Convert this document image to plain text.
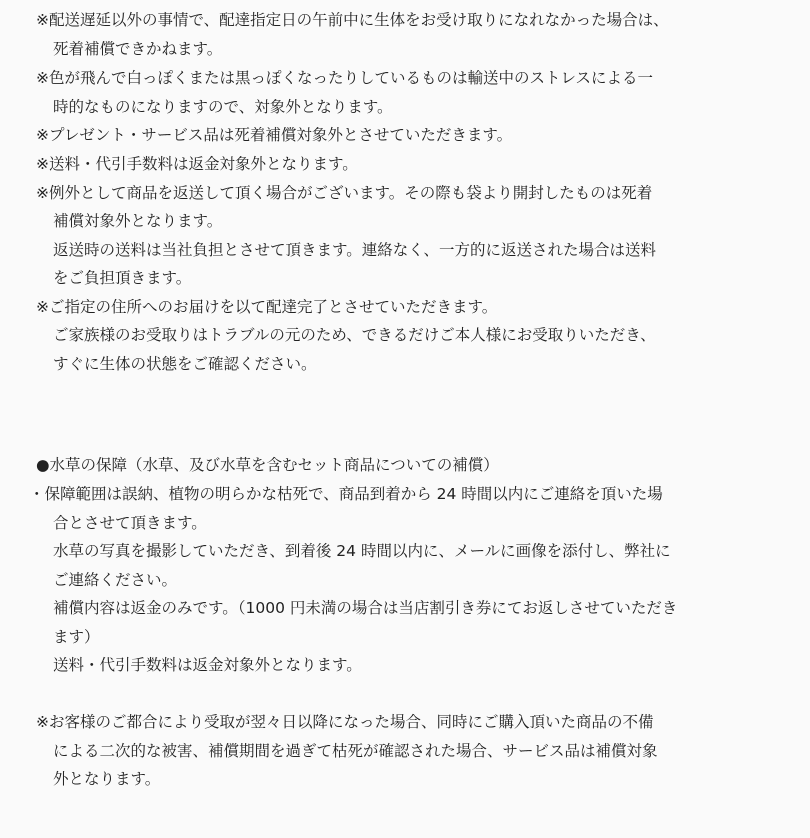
※配送遅延以外の事情で、配達指定日の午前中に生体をお受け取りになれなかった場合は、
死着補償できかねます。
※色が飛んで白っぽくまたは黒っぽくなったりしているものは輸送中のストレスによる一
時的なものになりますので、対象外となります。
※プレゼント・サービス品は死着補償対象外とさせていただきます。
※送料・代引手数料は返金対象外となります。
※例外として商品を返送して頂く場合がございます。その際も袋より開封したものは死着
補償対象外となります。
返送時の送料は当社負担とさせて頂きます。連絡なく、一方的に返送された場合は送料
をご負担頂きます。
※ご指定の住所へのお届けを以て配達完了とさせていただきます。
ご家族様のお受取りはトラブルの元のため、できるだけご本人様にお受取りいただき、
すぐに生体の状態をご確認ください。
●水草の保障（水草、及び水草を含むセット商品についての補償）
・保障範囲は誤納、植物の明らかな枯死で、商品到着から 24 時間以内にご連絡を頂いた場
合とさせて頂きます。
水草の写真を撮影していただき、到着後 24 時間以内に、メールに画像を添付し、弊社に
ご連絡ください。
補償内容は返金のみです。（1000 円未満の場合は当店割引き券にてお返しさせていただき
ます）
送料・代引手数料は返金対象外となります。
※お客様のご都合により受取が翌々日以降になった場合、同時にご購入頂いた商品の不備
による二次的な被害、補償期間を過ぎて枯死が確認された場合、サービス品は補償対象
外となります。
